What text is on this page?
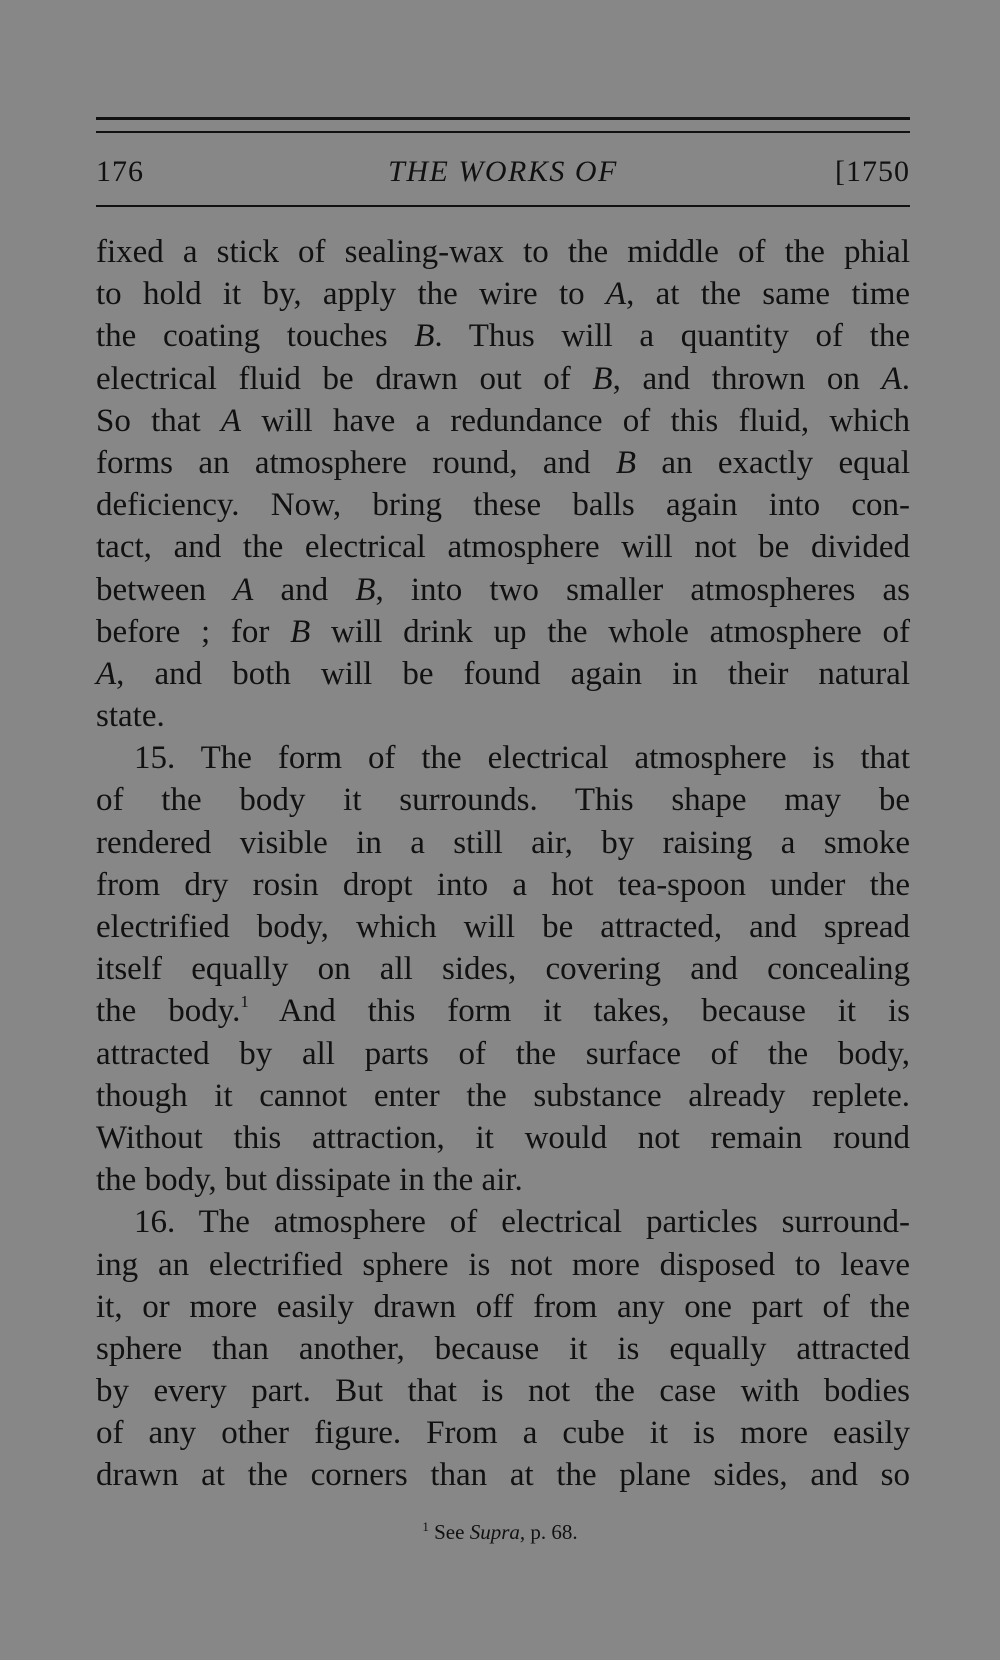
176	THE WORKS OF	[1750
fixed a stick of sealing-wax to the middle of the phial
to hold it by, apply the wire to A, at the same time
the coating touches B. Thus will a quantity of the
electrical fluid be drawn out of B, and thrown on A.
So that A will have a redundance of this fluid, which
forms an atmosphere round, and B an exactly equal
deficiency. Now, bring these balls again into con-
tact, and the electrical atmosphere will not be divided
between A and B, into two smaller atmospheres as
before ; for B will drink up the whole atmosphere of
A, and both will be found again in their natural
state.
15. The form of the electrical atmosphere is that
of the body it surrounds. This shape may be
rendered visible in a still air, by raising a smoke
from dry rosin dropt into a hot tea-spoon under the
electrified body, which will be attracted, and spread
itself equally on all sides, covering and concealing
the body.$^1$ And this form it takes, because it is
attracted by all parts of the surface of the body,
though it cannot enter the substance already replete.
Without this attraction, it would not remain round
the body, but dissipate in the air.
16. The atmosphere of electrical particles surround-
ing an electrified sphere is not more disposed to leave
it, or more easily drawn off from any one part of the
sphere than another, because it is equally attracted
by every part. But that is not the case with bodies
of any other figure. From a cube it is more easily
drawn at the corners than at the plane sides, and so
$^1$ See Supra, p. 68.
